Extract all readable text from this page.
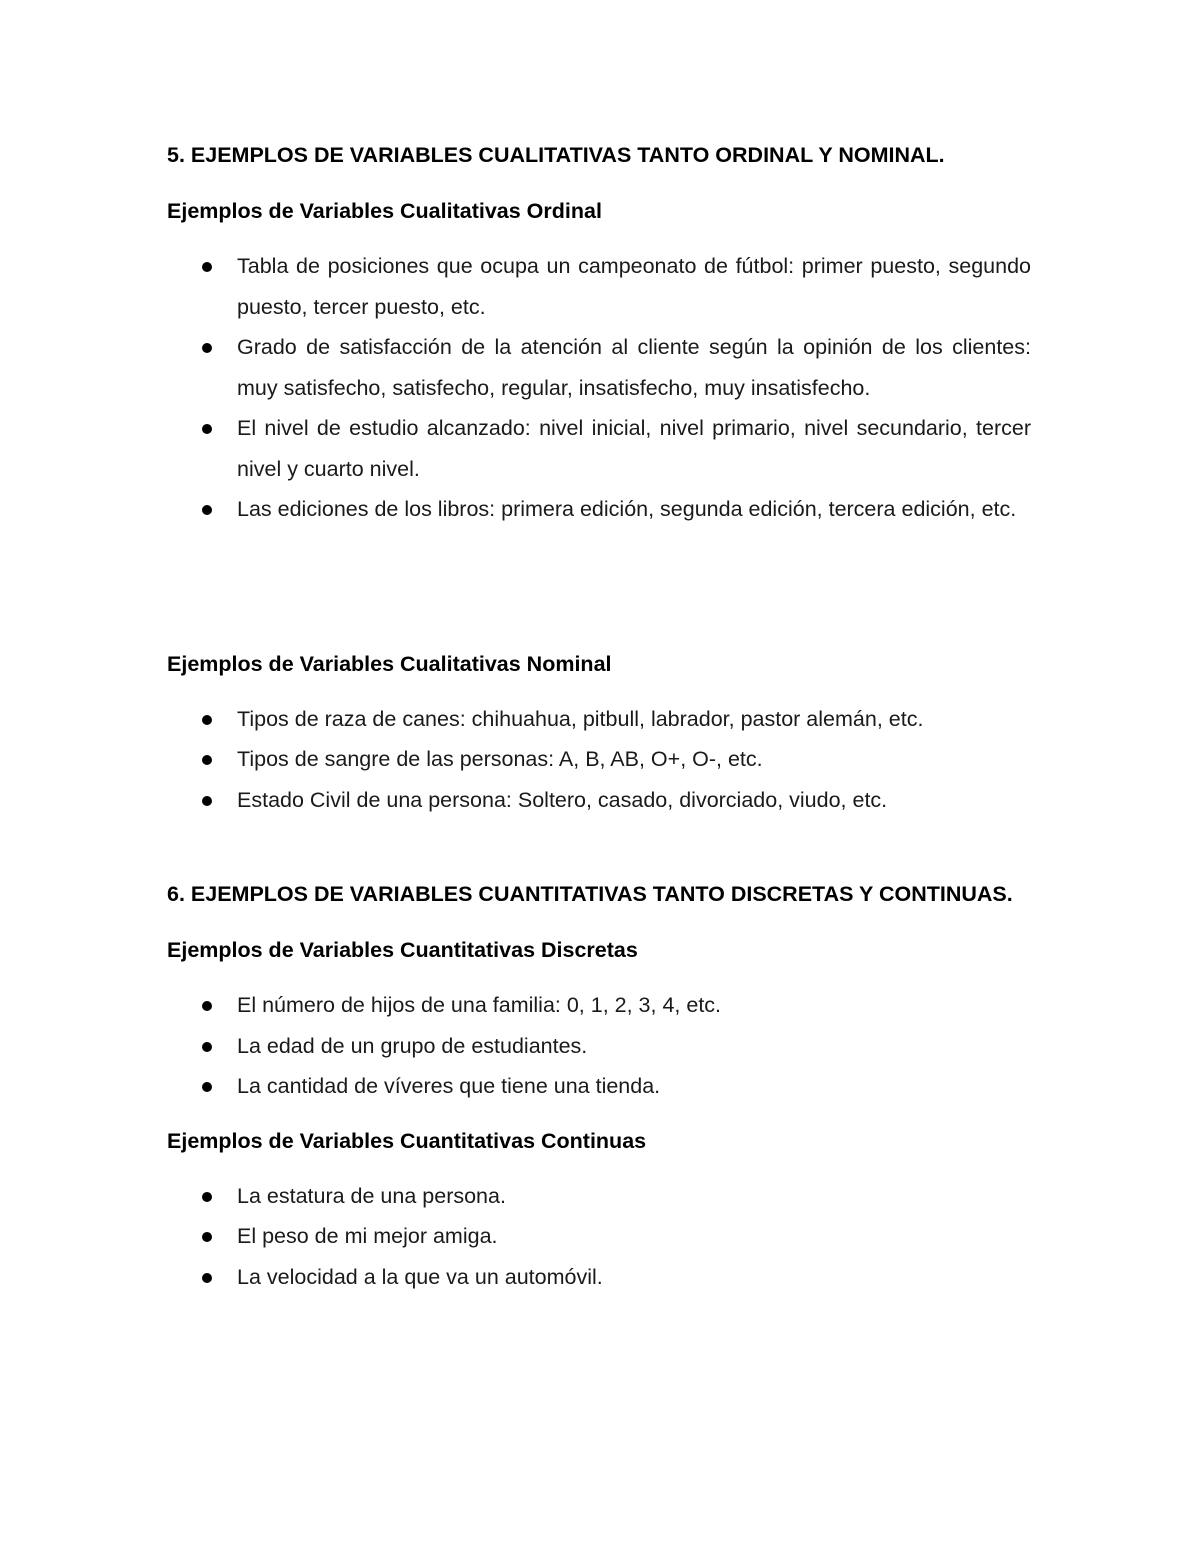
5. EJEMPLOS DE VARIABLES CUALITATIVAS TANTO ORDINAL Y NOMINAL.
Ejemplos de Variables Cualitativas Ordinal
Tabla de posiciones que ocupa un campeonato de fútbol: primer puesto, segundo puesto, tercer puesto, etc.
Grado de satisfacción de la atención al cliente según la opinión de los clientes: muy satisfecho, satisfecho, regular, insatisfecho, muy insatisfecho.
El nivel de estudio alcanzado: nivel inicial, nivel primario, nivel secundario, tercer nivel y cuarto nivel.
Las ediciones de los libros: primera edición, segunda edición, tercera edición, etc.
Ejemplos de Variables Cualitativas Nominal
Tipos de raza de canes: chihuahua, pitbull, labrador, pastor alemán, etc.
Tipos de sangre de las personas: A, B, AB, O+, O-, etc.
Estado Civil de una persona: Soltero, casado, divorciado, viudo, etc.
6. EJEMPLOS DE VARIABLES CUANTITATIVAS TANTO DISCRETAS Y CONTINUAS.
Ejemplos de Variables Cuantitativas Discretas
El número de hijos de una familia: 0, 1, 2, 3, 4, etc.
La edad de un grupo de estudiantes.
La cantidad de víveres que tiene una tienda.
Ejemplos de Variables Cuantitativas Continuas
La estatura de una persona.
El peso de mi mejor amiga.
La velocidad a la que va un automóvil.
